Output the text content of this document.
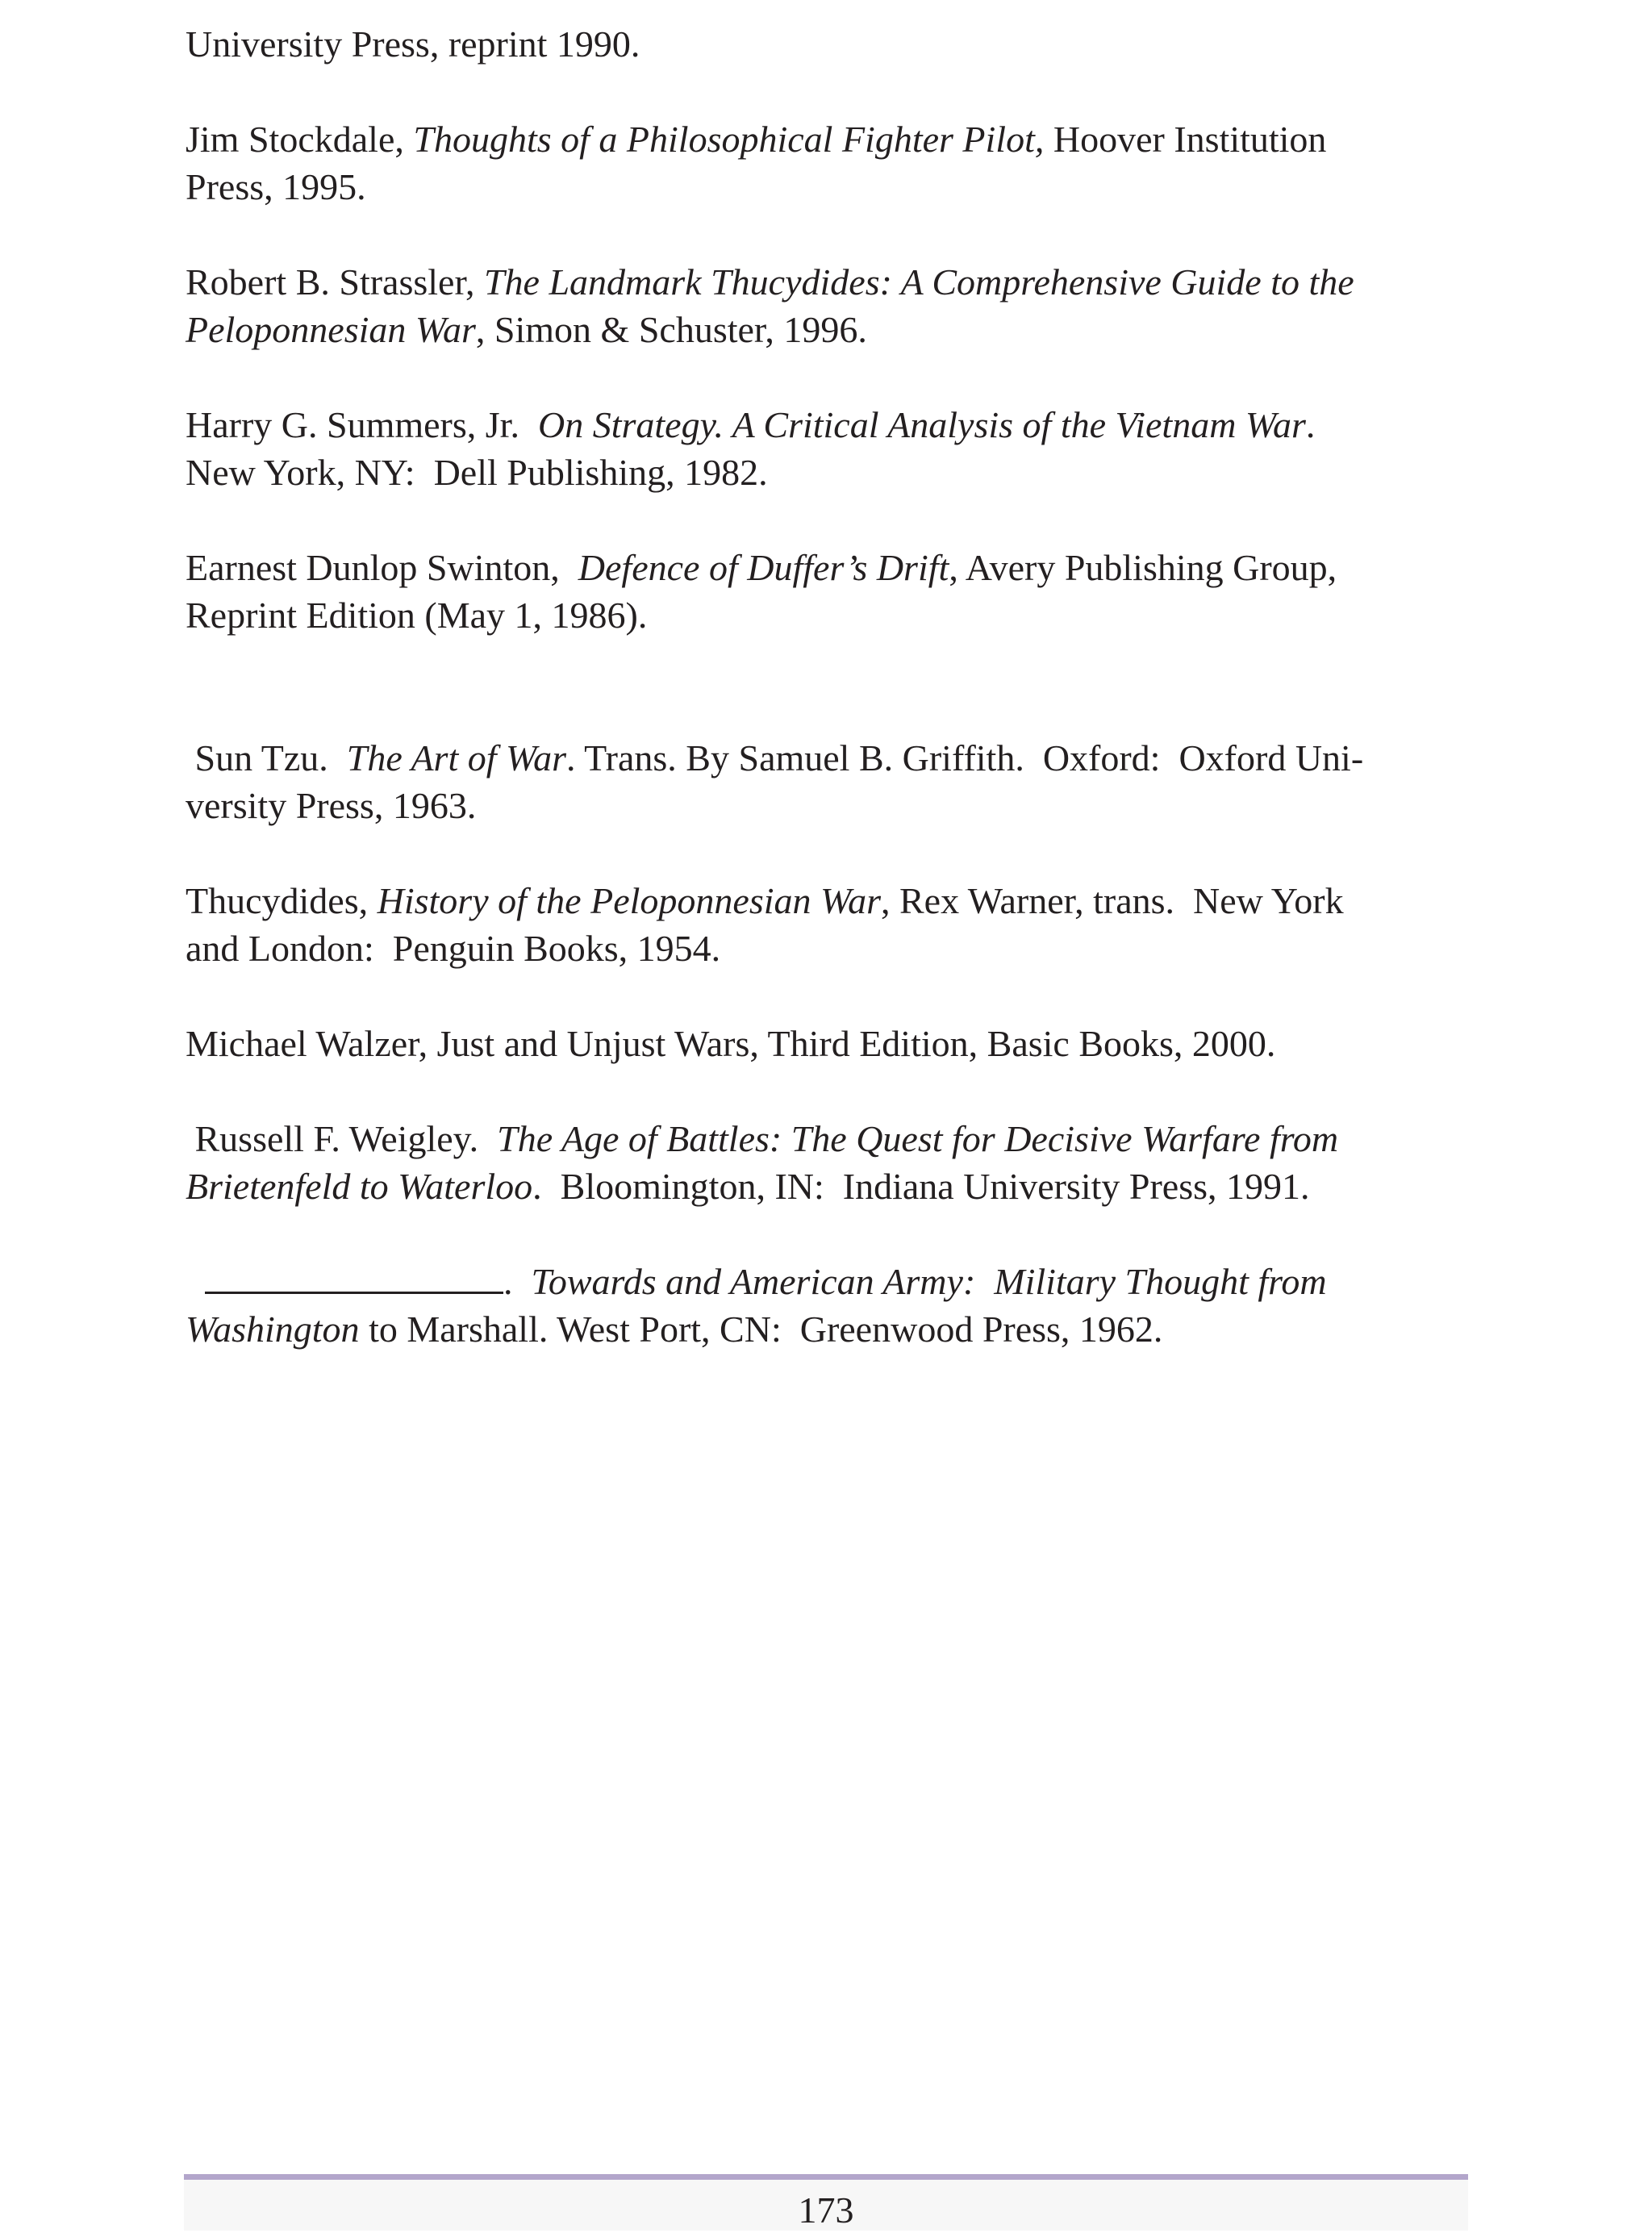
University Press, reprint 1990.
Jim Stockdale, Thoughts of a Philosophical Fighter Pilot, Hoover Institution
Press, 1995.
Robert B. Strassler, The Landmark Thucydides: A Comprehensive Guide to the
Peloponnesian War, Simon & Schuster, 1996.
Harry G. Summers, Jr.  On Strategy. A Critical Analysis of the Vietnam War.
New York, NY:  Dell Publishing, 1982.
Earnest Dunlop Swinton,  Defence of Duffer’s Drift, Avery Publishing Group,
Reprint Edition (May 1, 1986).
Sun Tzu.  The Art of War. Trans. By Samuel B. Griffith.  Oxford:  Oxford Uni-
versity Press, 1963.
Thucydides, History of the Peloponnesian War, Rex Warner, trans.  New York
and London:  Penguin Books, 1954.
Michael Walzer, Just and Unjust Wars, Third Edition, Basic Books, 2000.
Russell F. Weigley.  The Age of Battles: The Quest for Decisive Warfare from
Brietenfeld to Waterloo.  Bloomington, IN:  Indiana University Press, 1991.
.  Towards and American Army:  Military Thought from
Washington to Marshall. West Port, CN:  Greenwood Press, 1962.
173
